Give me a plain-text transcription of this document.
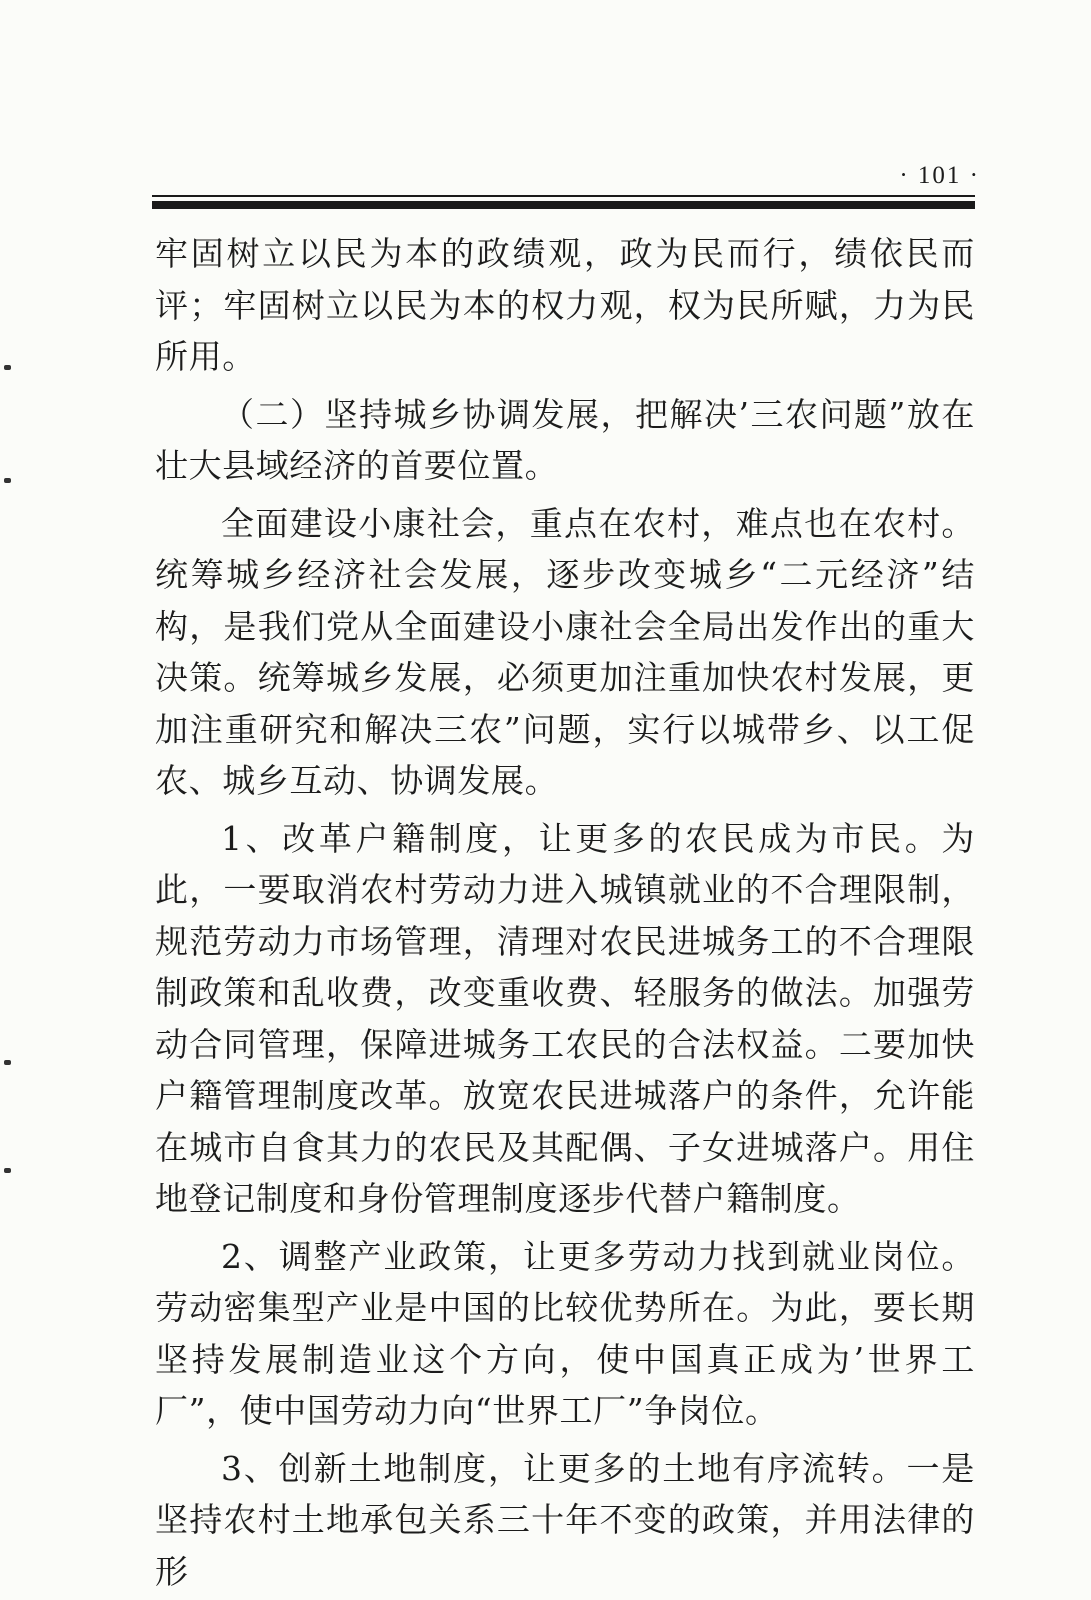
· 101 ·

牢固树立以民为本的政绩观，政为民而行，绩依民而评；牢固树立以民为本的权力观，权为民所赋，力为民所用。

（二）坚持城乡协调发展，把解决’三农问题”放在壮大县域经济的首要位置。

全面建设小康社会，重点在农村，难点也在农村。统筹城乡经济社会发展，逐步改变城乡“二元经济”结构，是我们党从全面建设小康社会全局出发作出的重大决策。统筹城乡发展，必须更加注重加快农村发展，更加注重研究和解决三农”问题，实行以城带乡、以工促农、城乡互动、协调发展。

1、改革户籍制度，让更多的农民成为市民。为此，一要取消农村劳动力进入城镇就业的不合理限制，规范劳动力市场管理，清理对农民进城务工的不合理限制政策和乱收费，改变重收费、轻服务的做法。加强劳动合同管理，保障进城务工农民的合法权益。二要加快户籍管理制度改革。放宽农民进城落户的条件，允许能在城市自食其力的农民及其配偶、子女进城落户。用住地登记制度和身份管理制度逐步代替户籍制度。

2、调整产业政策，让更多劳动力找到就业岗位。劳动密集型产业是中国的比较优势所在。为此，要长期坚持发展制造业这个方向，使中国真正成为’世界工厂”，使中国劳动力向“世界工厂”争岗位。

3、创新土地制度，让更多的土地有序流转。一是坚持农村土地承包关系三十年不变的政策，并用法律的形
